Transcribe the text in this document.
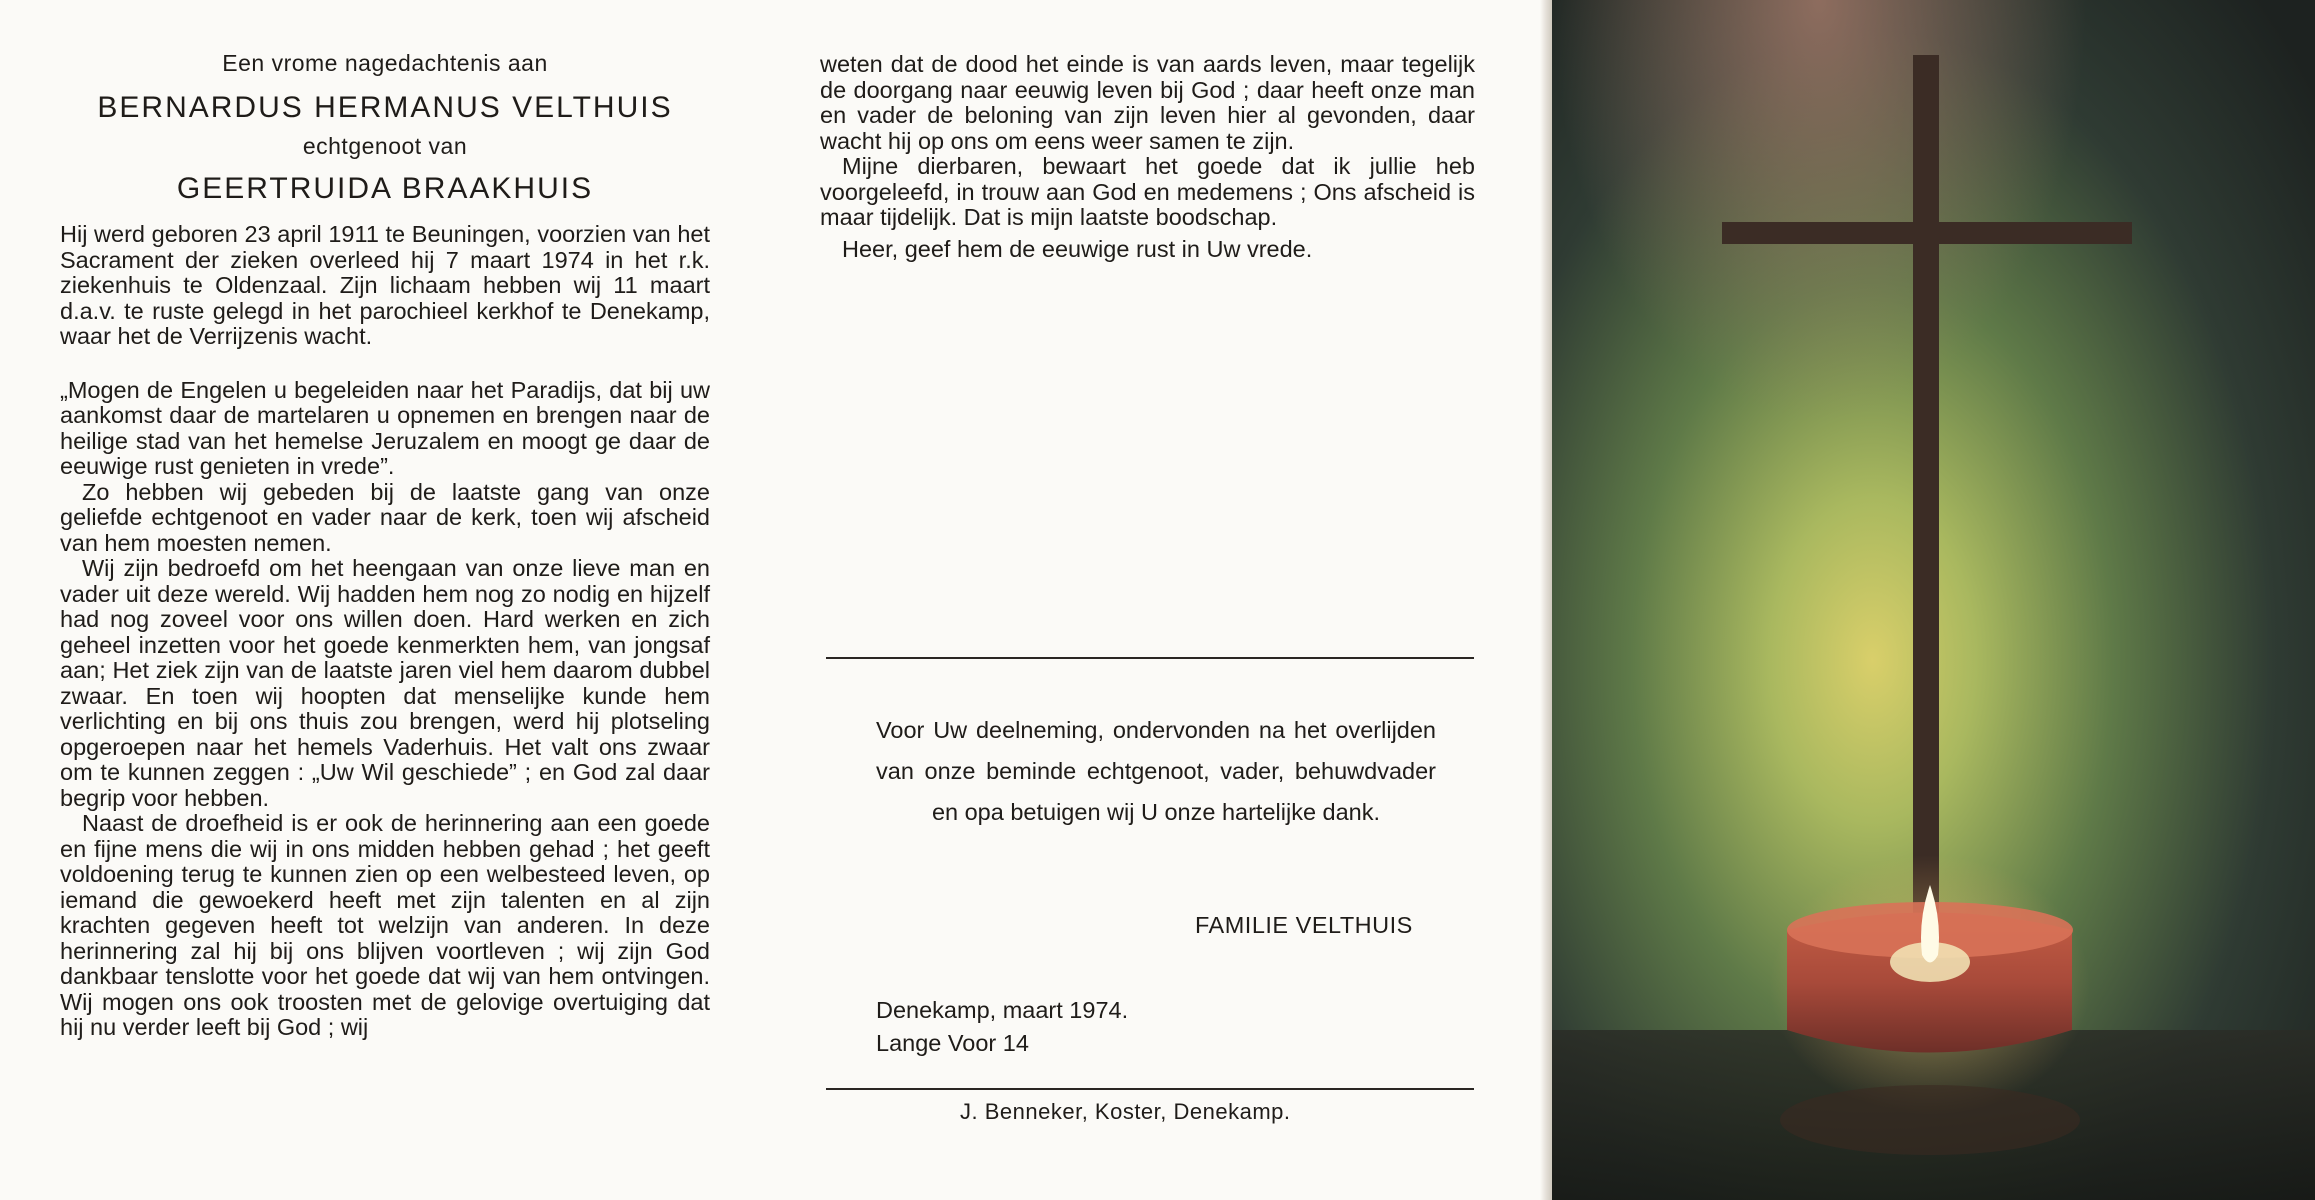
Een vrome nagedachtenis aan

BERNARDUS HERMANUS VELTHUIS

echtgenoot van

GEERTRUIDA BRAAKHUIS

Hij werd geboren 23 april 1911 te Beuningen, voorzien van het Sacrament der zieken overleed hij 7 maart 1974 in het r.k. ziekenhuis te Oldenzaal. Zijn lichaam hebben wij 11 maart d.a.v. te ruste gelegd in het parochieel kerkhof te Denekamp, waar het de Verrijzenis wacht.

„Mogen de Engelen u begeleiden naar het Paradijs, dat bij uw aankomst daar de martelaren u opnemen en brengen naar de heilige stad van het hemelse Jeruzalem en moogt ge daar de eeuwige rust genieten in vrede”.

Zo hebben wij gebeden bij de laatste gang van onze geliefde echtgenoot en vader naar de kerk, toen wij afscheid van hem moesten nemen.

Wij zijn bedroefd om het heengaan van onze lieve man en vader uit deze wereld. Wij hadden hem nog zo nodig en hijzelf had nog zoveel voor ons willen doen. Hard werken en zich geheel inzetten voor het goede kenmerkten hem, van jongsaf aan; Het ziek zijn van de laatste jaren viel hem daarom dubbel zwaar. En toen wij hoopten dat menselijke kunde hem verlichting en bij ons thuis zou brengen, werd hij plotseling opgeroepen naar het hemels Vaderhuis. Het valt ons zwaar om te kunnen zeggen : „Uw Wil geschiede” ; en God zal daar begrip voor hebben.

Naast de droefheid is er ook de herinnering aan een goede en fijne mens die wij in ons midden hebben gehad ; het geeft voldoening terug te kunnen zien op een welbesteed leven, op iemand die gewoekerd heeft met zijn talenten en al zijn krachten gegeven heeft tot welzijn van anderen. In deze herinnering zal hij bij ons blijven voortleven ; wij zijn God dankbaar tenslotte voor het goede dat wij van hem ontvingen. Wij mogen ons ook troosten met de gelovige overtuiging dat hij nu verder leeft bij God ; wij

weten dat de dood het einde is van aards leven, maar tegelijk de doorgang naar eeuwig leven bij God ; daar heeft onze man en vader de beloning van zijn leven hier al gevonden, daar wacht hij op ons om eens weer samen te zijn.

Mijne dierbaren, bewaart het goede dat ik jullie heb voorgeleefd, in trouw aan God en medemens ; Ons afscheid is maar tijdelijk. Dat is mijn laatste boodschap.

Heer, geef hem de eeuwige rust in Uw vrede.

Voor Uw deelneming, ondervonden na het overlijden van onze beminde echtgenoot, vader, behuwdvader en opa betuigen wij U onze hartelijke dank.
FAMILIE VELTHUIS
Denekamp, maart 1974.
Lange Voor 14
J. Benneker, Koster, Denekamp.
